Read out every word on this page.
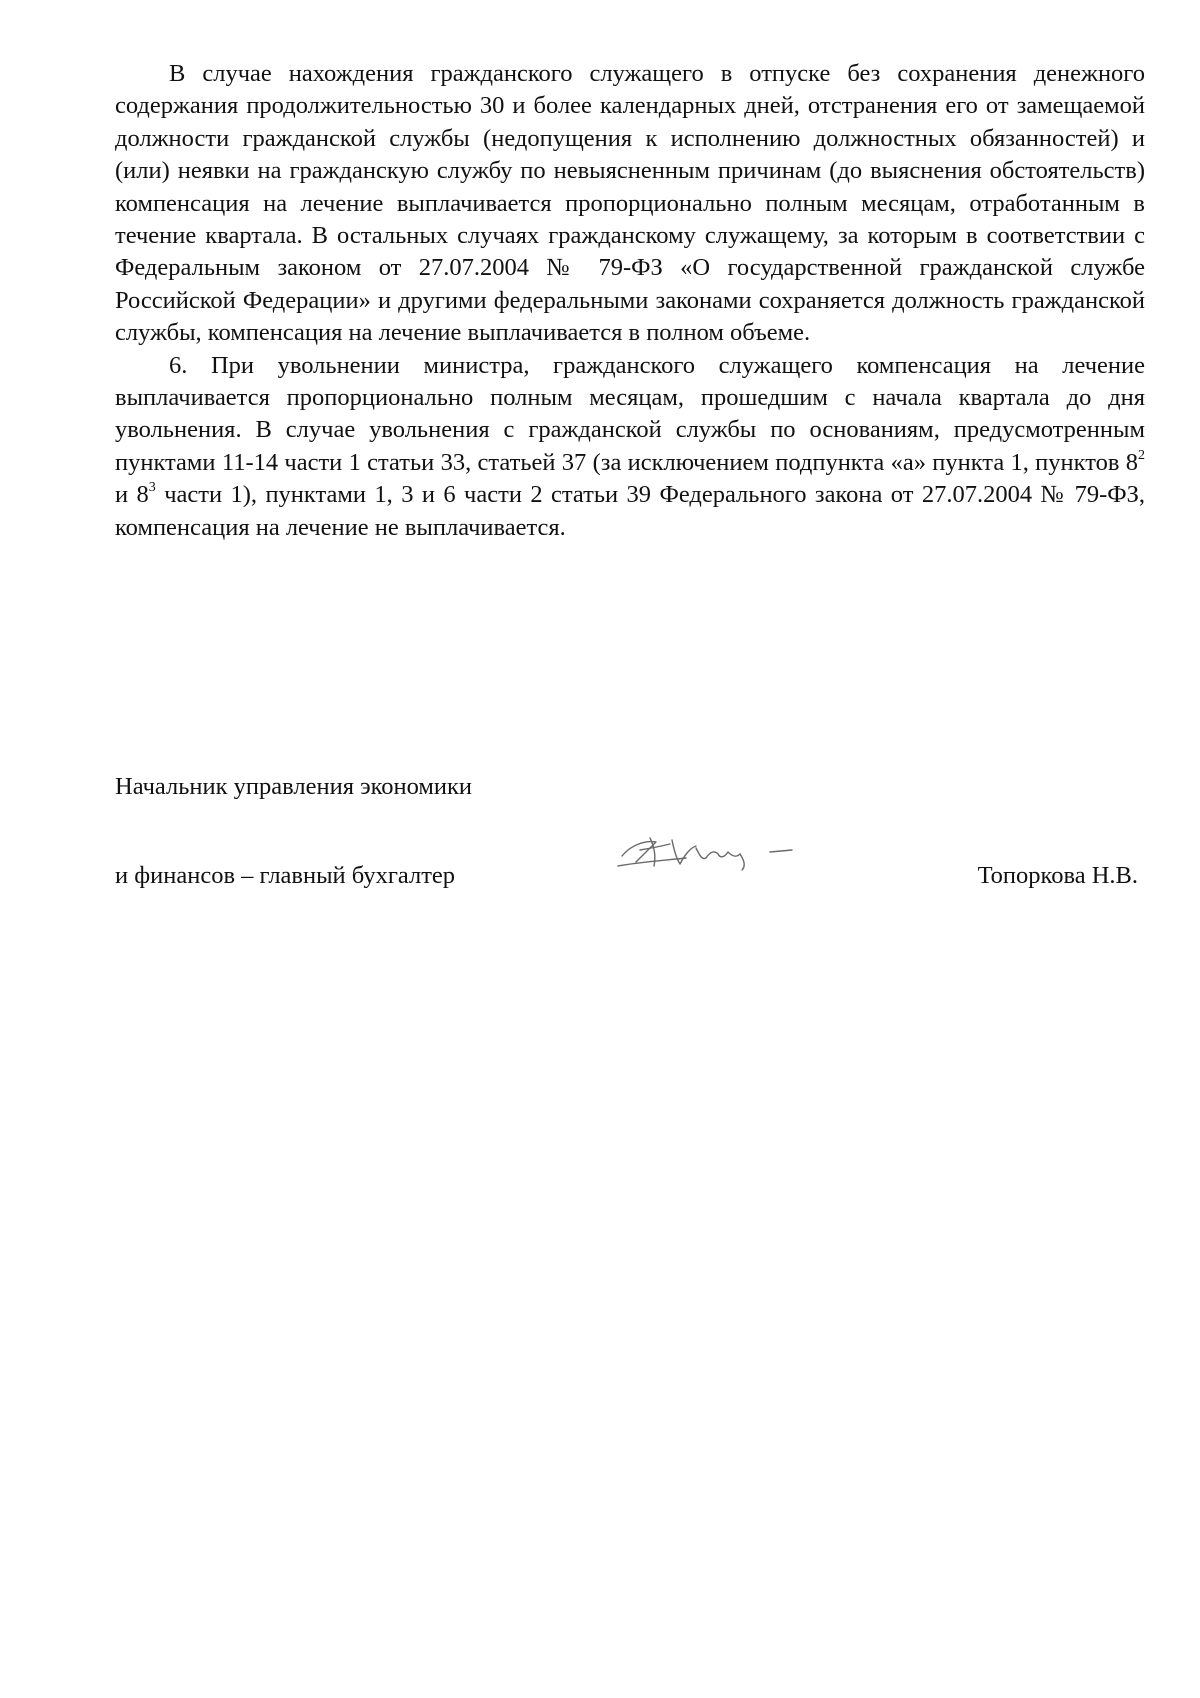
В случае нахождения гражданского служащего в отпуске без сохранения денежного содержания продолжительностью 30 и более календарных дней, отстранения его от замещаемой должности гражданской службы (недопущения к исполнению должностных обязанностей) и (или) неявки на гражданскую службу по невыясненным причинам (до выяснения обстоятельств) компенсация на лечение выплачивается пропорционально полным месяцам, отработанным в течение квартала. В остальных случаях гражданскому служащему, за которым в соответствии с Федеральным законом от 27.07.2004 № 79-ФЗ «О государственной гражданской службе Российской Федерации» и другими федеральными законами сохраняется должность гражданской службы, компенсация на лечение выплачивается в полном объеме.

6. При увольнении министра, гражданского служащего компенсация на лечение выплачивается пропорционально полным месяцам, прошедшим с начала квартала до дня увольнения. В случае увольнения с гражданской службы по основаниям, предусмотренным пунктами 11-14 части 1 статьи 33, статьей 37 (за исключением подпункта «а» пункта 1, пунктов $8^2$ и $8^3$ части 1), пунктами 1, 3 и 6 части 2 статьи 39 Федерального закона от 27.07.2004 № 79-ФЗ, компенсация на лечение не выплачивается.

Начальник управления экономики
и финансов – главный бухгалтер	Топоркова Н.В.
